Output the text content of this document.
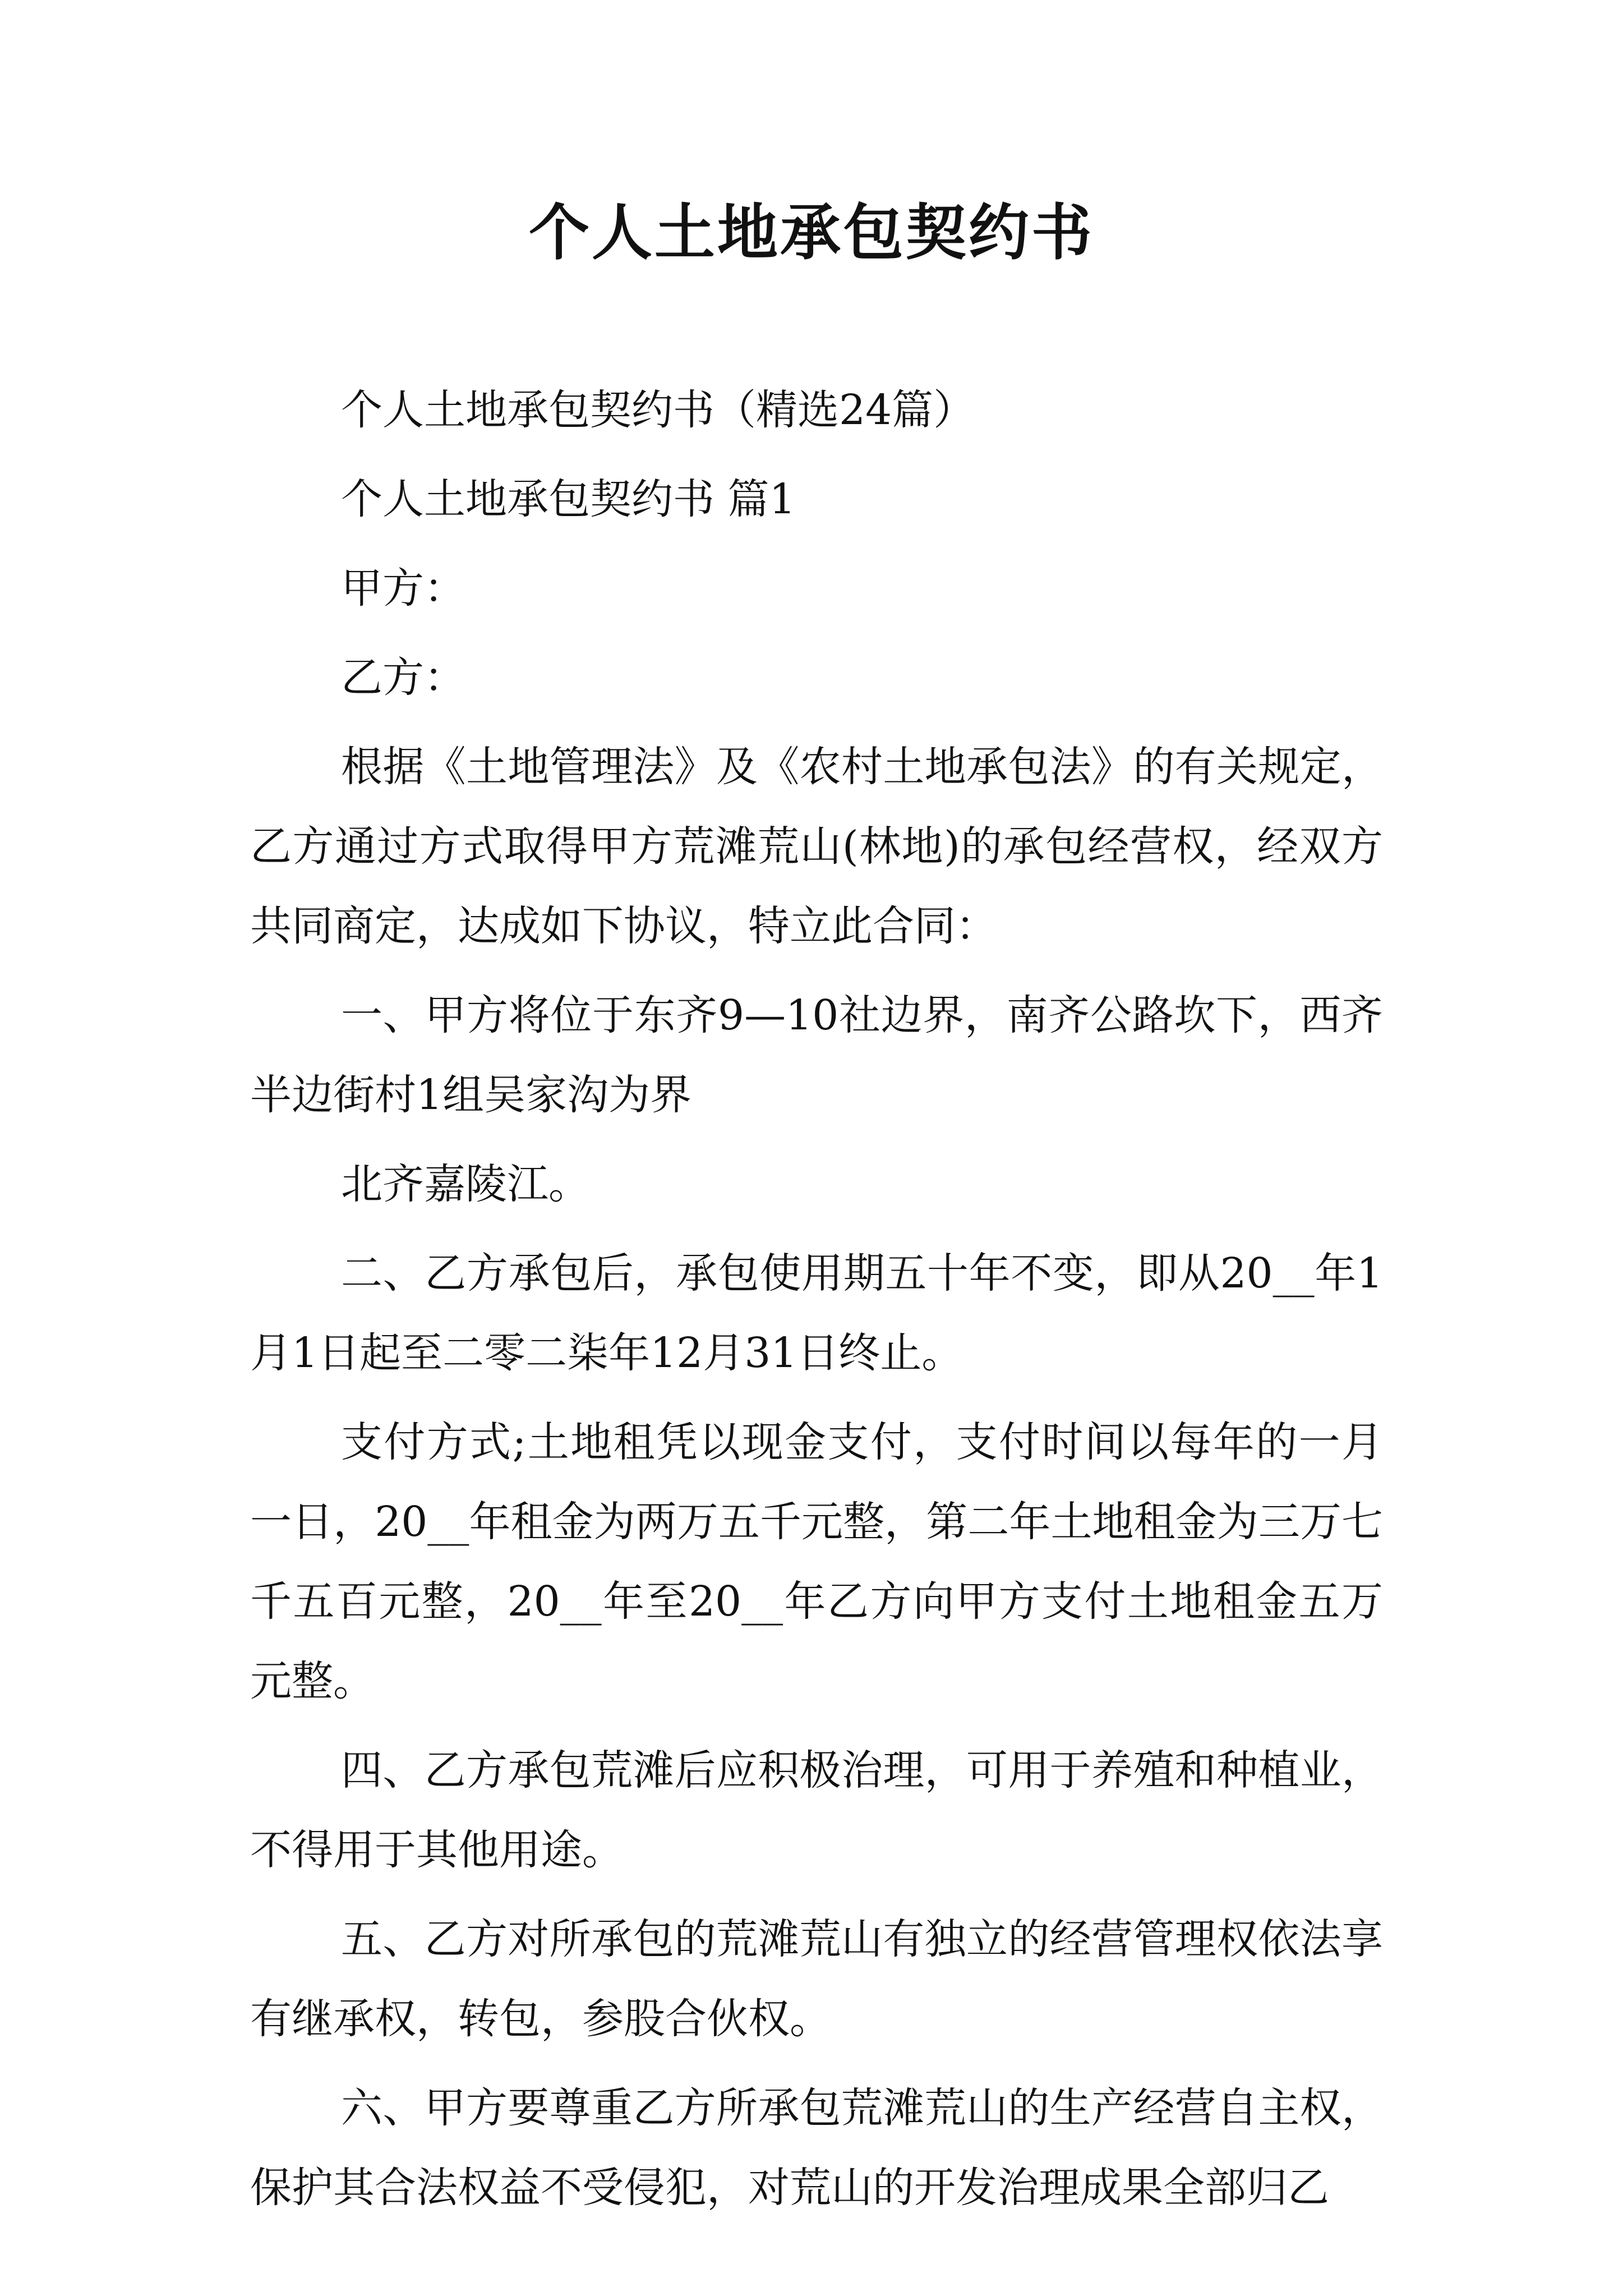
个人土地承包契约书

个人土地承包契约书（精选24篇）

个人土地承包契约书 篇1

甲方：

乙方：

根据《土地管理法》及《农村土地承包法》的有关规定，乙方通过方式取得甲方荒滩荒山(林地)的承包经营权，经双方共同商定，达成如下协议，特立此合同：

一、甲方将位于东齐9—10社边界，南齐公路坎下，西齐半边街村1组吴家沟为界

北齐嘉陵江。

二、乙方承包后，承包使用期五十年不变，即从20__年1月1日起至二零二柒年12月31日终止。

支付方式;土地租凭以现金支付，支付时间以每年的一月一日，20__年租金为两万五千元整，第二年土地租金为三万七千五百元整，20__年至20__年乙方向甲方支付土地租金五万元整。

四、乙方承包荒滩后应积极治理，可用于养殖和种植业，不得用于其他用途。

五、乙方对所承包的荒滩荒山有独立的经营管理权依法享有继承权，转包，参股合伙权。

六、甲方要尊重乙方所承包荒滩荒山的生产经营自主权，保护其合法权益不受侵犯，对荒山的开发治理成果全部归乙
